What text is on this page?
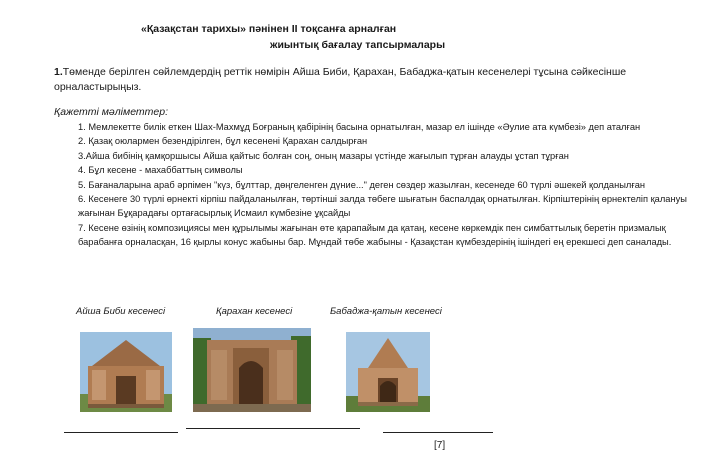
«Қазақстан тарихы» пәнінен ІІ тоқсанға арналған
жиынтық бағалау тапсырмалары
1.Төменде берілген сөйлемдердің реттік нөмірін Айша Биби, Қарахан, Бабаджа-қатын кесенелері тұсына сәйкесінше орналастырыңыз.
Қажетті мәліметтер:
1. Мемлекетте билік еткен Шах-Махмұд Боғраның қабірінің басына орнатылған, мазар ел ішінде «Әулие ата күмбезі» деп аталған
2. Қазақ оюлармен безендірілген, бұл кесенені Қарахан салдырған
3.Айша бибінің қамқоршысы Айша қайтыс болған соң, оның мазары үстінде жағылып тұрған алауды ұстап тұрған
4. Бұл кесене - махаббаттың символы
5. Бағаналарына араб әрпімен "күз, бұлттар, дөңгеленген дүние..." деген сөздер жазылған, кесенеде 60 түрлі әшекей қолданылған
6. Кесенеге 30 түрлі өрнекті кірпіш пайдаланылған, төртінші залда төбеге шығатын баспалдақ орнатылған. Кірпіштерінің өрнектеліп қалануы жағынан Бұқарадағы ортағасырлық Исмаил күмбезіне ұқсайды
7. Кесене өзінің композициясы мен құрылымы жағынан өте қарапайым да қатаң, кесене көркемдік пен симбаттылық беретін призмалық барабанға орналасқан, 16 қырлы конус жабыны бар. Мұндай төбе жабыны - Қазақстан күмбездерінің ішіндегі ең ерекшесі деп саналады.
Айша Биби кесенесі	Қарахан кесенесі	Бабаджа-қатын кесенесі
[7]
